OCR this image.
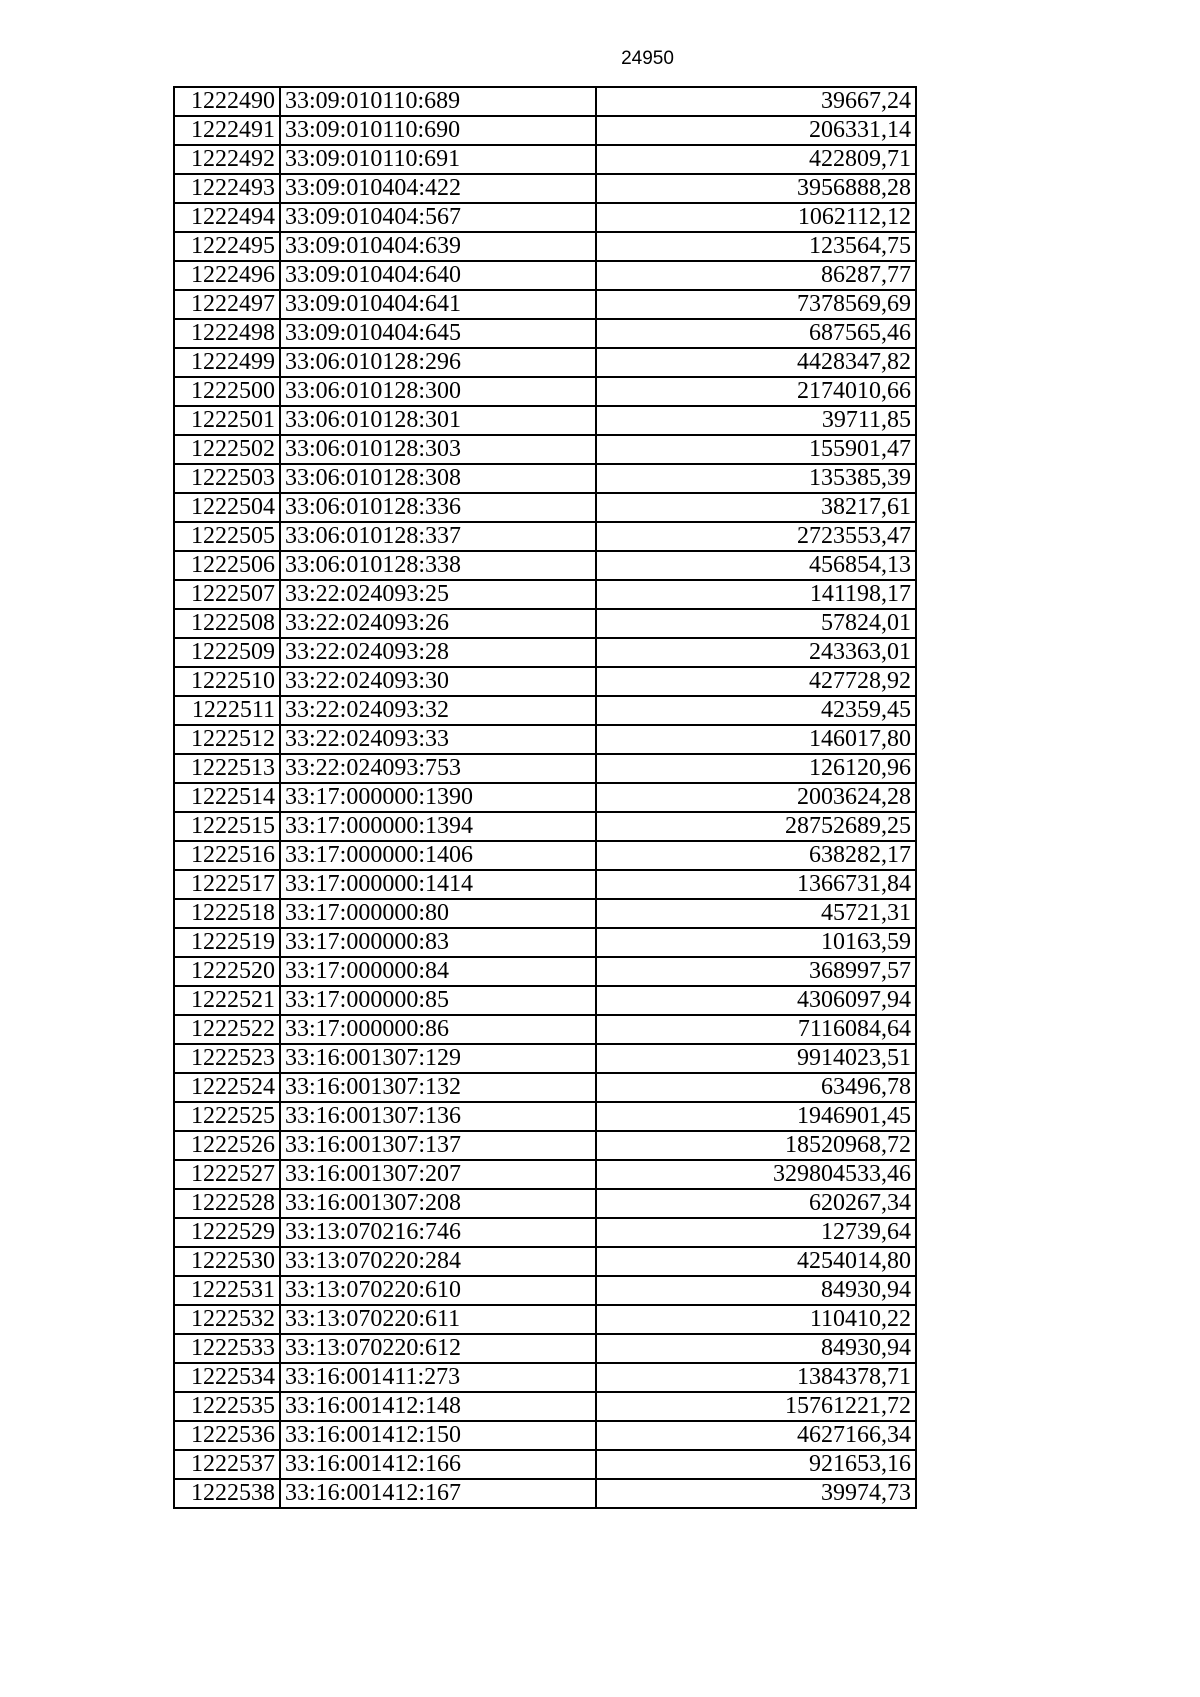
24950
1222490	33:09:010110:689	39667,24
1222491	33:09:010110:690	206331,14
1222492	33:09:010110:691	422809,71
1222493	33:09:010404:422	3956888,28
1222494	33:09:010404:567	1062112,12
1222495	33:09:010404:639	123564,75
1222496	33:09:010404:640	86287,77
1222497	33:09:010404:641	7378569,69
1222498	33:09:010404:645	687565,46
1222499	33:06:010128:296	4428347,82
1222500	33:06:010128:300	2174010,66
1222501	33:06:010128:301	39711,85
1222502	33:06:010128:303	155901,47
1222503	33:06:010128:308	135385,39
1222504	33:06:010128:336	38217,61
1222505	33:06:010128:337	2723553,47
1222506	33:06:010128:338	456854,13
1222507	33:22:024093:25	141198,17
1222508	33:22:024093:26	57824,01
1222509	33:22:024093:28	243363,01
1222510	33:22:024093:30	427728,92
1222511	33:22:024093:32	42359,45
1222512	33:22:024093:33	146017,80
1222513	33:22:024093:753	126120,96
1222514	33:17:000000:1390	2003624,28
1222515	33:17:000000:1394	28752689,25
1222516	33:17:000000:1406	638282,17
1222517	33:17:000000:1414	1366731,84
1222518	33:17:000000:80	45721,31
1222519	33:17:000000:83	10163,59
1222520	33:17:000000:84	368997,57
1222521	33:17:000000:85	4306097,94
1222522	33:17:000000:86	7116084,64
1222523	33:16:001307:129	9914023,51
1222524	33:16:001307:132	63496,78
1222525	33:16:001307:136	1946901,45
1222526	33:16:001307:137	18520968,72
1222527	33:16:001307:207	329804533,46
1222528	33:16:001307:208	620267,34
1222529	33:13:070216:746	12739,64
1222530	33:13:070220:284	4254014,80
1222531	33:13:070220:610	84930,94
1222532	33:13:070220:611	110410,22
1222533	33:13:070220:612	84930,94
1222534	33:16:001411:273	1384378,71
1222535	33:16:001412:148	15761221,72
1222536	33:16:001412:150	4627166,34
1222537	33:16:001412:166	921653,16
1222538	33:16:001412:167	39974,73
